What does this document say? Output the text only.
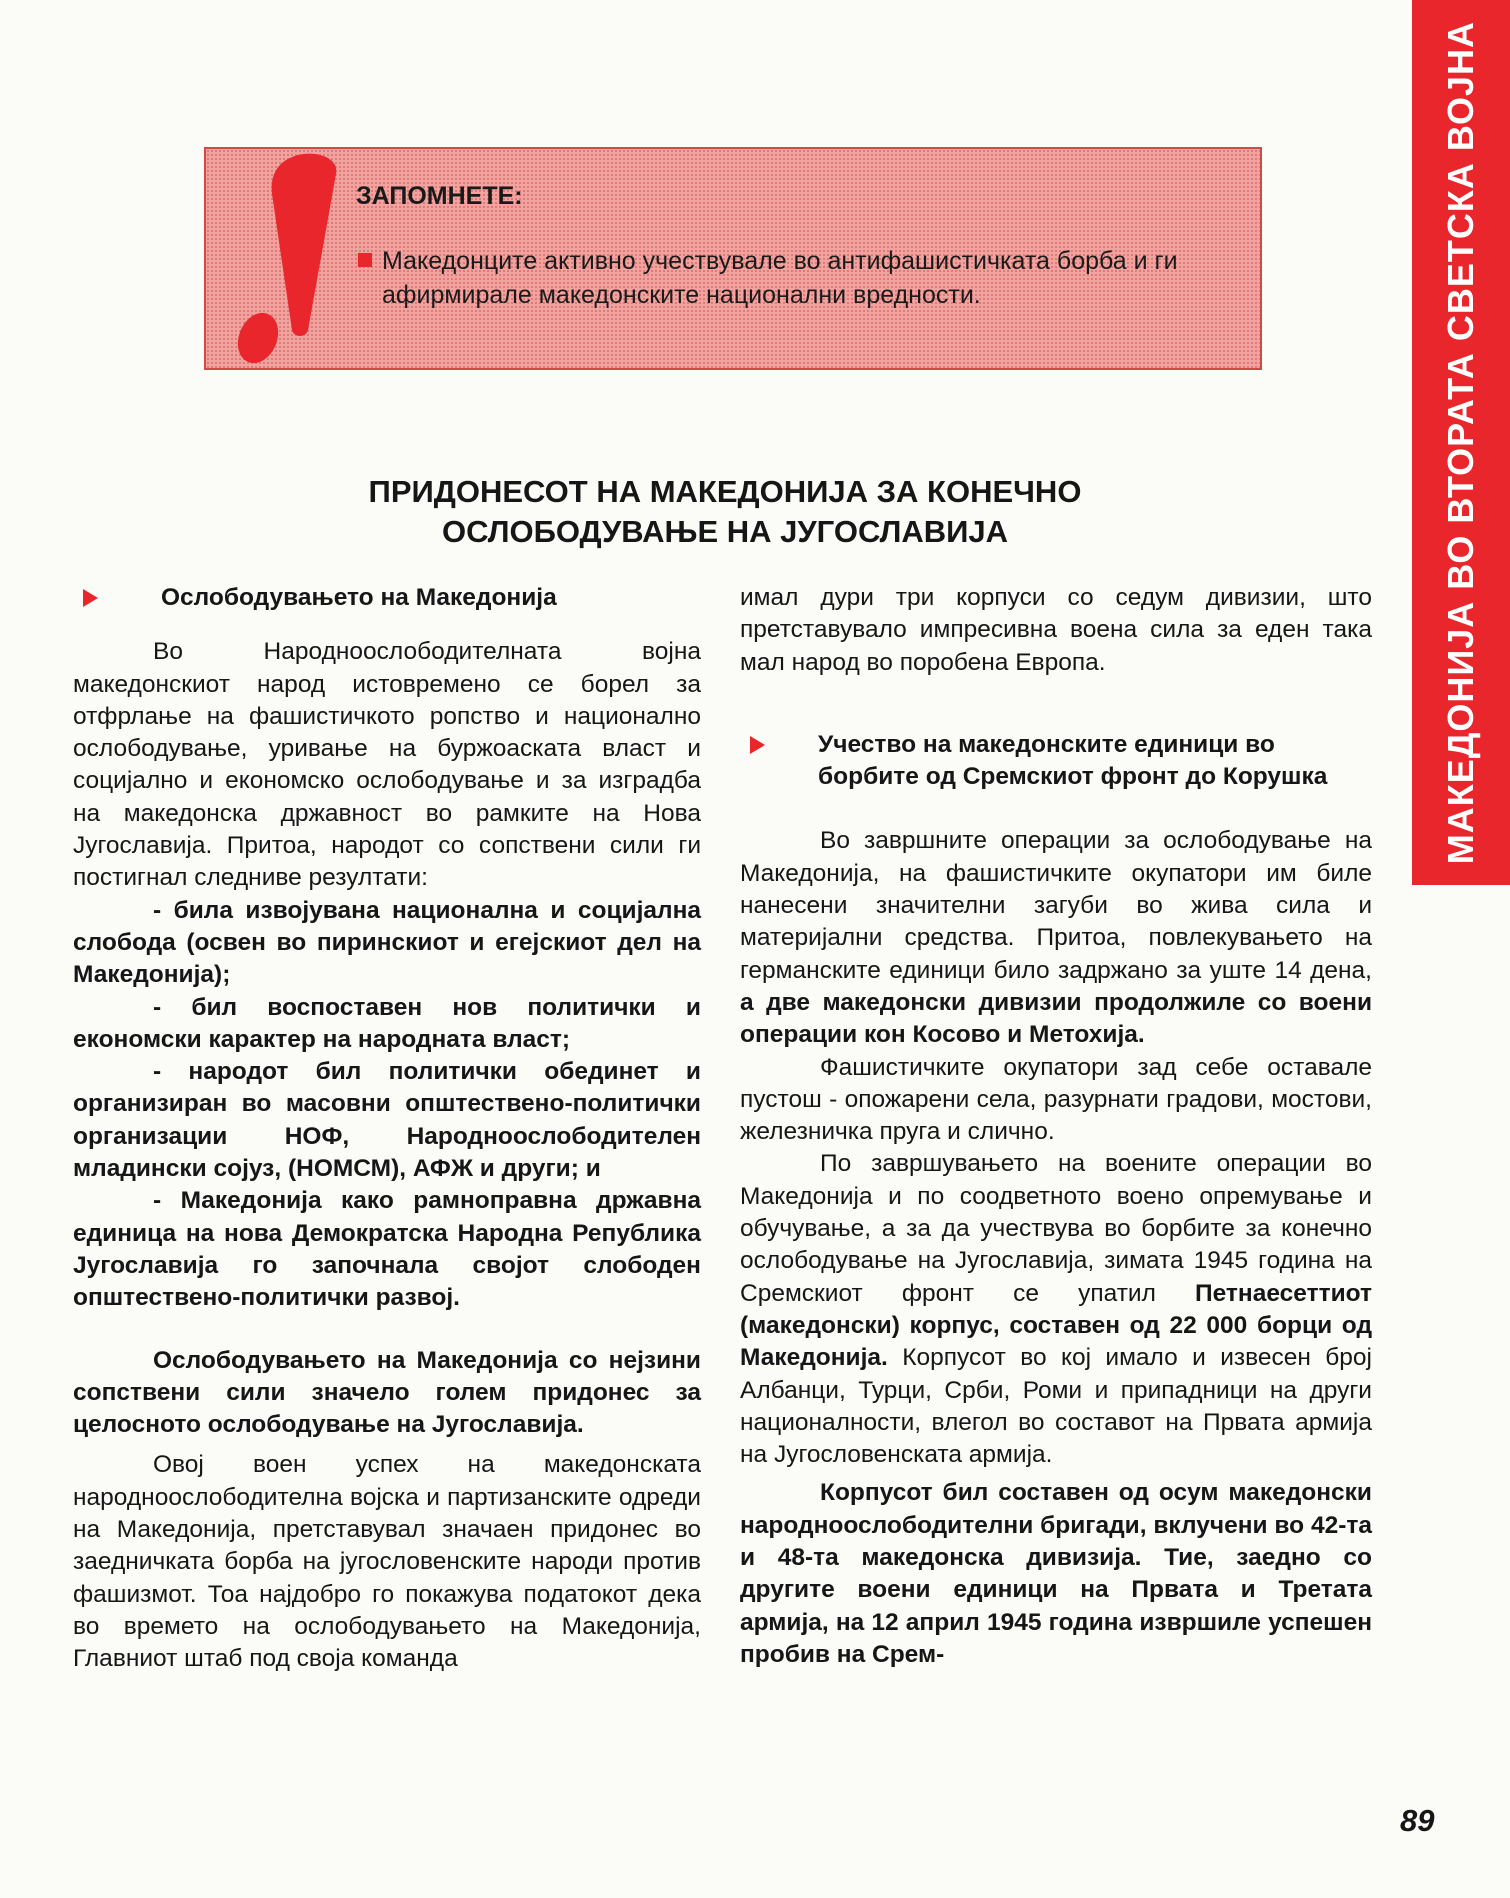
МАКЕДОНИЈА ВО ВТОРАТА СВЕТСКА ВОЈНА
ЗАПОМНЕТЕ:
Македонците активно учествувале во антифашистичката борба и ги афирмирале македонските национални вредности.
ПРИДОНЕСОТ НА МАКЕДОНИЈА ЗА КОНЕЧНО
ОСЛОБОДУВАЊЕ НА ЈУГОСЛАВИЈА
Ослободувањето на Македонија

Во Народноослободителната војна македонскиот народ истовремено се борел за отфрлање на фашистичкото ропство и национално ослободување, уривање на буржоаската власт и социјално и економско ослободување и за изградба на македонска државност во рамките на Нова Југославија. Притоа, народот со сопствени сили ги постигнал следниве резултати:

- била извојувана национална и социјална слобода (освен во пиринскиот и егејскиот дел на Македонија);

- бил воспоставен нов политички и економски карактер на народната власт;

- народот бил политички обединет и организиран во масовни општествено-политички организации НОФ, Народноослободителен младински сојуз, (НОМСМ), АФЖ и други; и

- Македонија како рамноправна државна единица на нова Демократска Народна Република Југославија го започнала својот слободен општествено-политички развој.

Ослободувањето на Македонија со нејзини сопствени сили значело голем придонес за целосното ослободување на Југославија.

Овој воен успех на македонската народноослободителна војска и партизанските одреди на Македонија, претставувал значаен придонес во заедничката борба на југословенските народи против фашизмот. Тоа најдобро го покажува податокот дека во времето на ослободувањето на Македонија, Главниот штаб под своја команда

имал дури три корпуси со седум дивизии, што претставувало импресивна воена сила за еден така мал народ во поробена Европа.

Учество на македонските единици во борбите од Сремскиот фронт до Корушка

Во завршните операции за ослободување на Македонија, на фашистичките окупатори им биле нанесени значителни загуби во жива сила и материјални средства. Притоа, повлекувањето на германските единици било задржано за уште 14 дена, а две македонски дивизии продолжиле со воени операции кон Косово и Метохија.

Фашистичките окупатори зад себе оставале пустош - опожарени села, разурнати градови, мостови, железничка пруга и слично.

По завршувањето на воените операции во Македонија и по соодветното воено опремување и обучување, а за да учествува во борбите за конечно ослободување на Југославија, зимата 1945 година на Сремскиот фронт се упатил Петнаесеттиот (македонски) корпус, составен од 22 000 борци од Македонија. Корпусот во кој имало и извесен број Албанци, Турци, Срби, Роми и припадници на други националности, влегол во составот на Првата армија на Југословенската армија.

Корпусот бил составен од осум македонски народноослободителни бригади, вклучени во 42-та и 48-та македонска дивизија. Тие, заедно со другите воени единици на Првата и Третата армија, на 12 април 1945 година извршиле успешен пробив на Срем-

89
